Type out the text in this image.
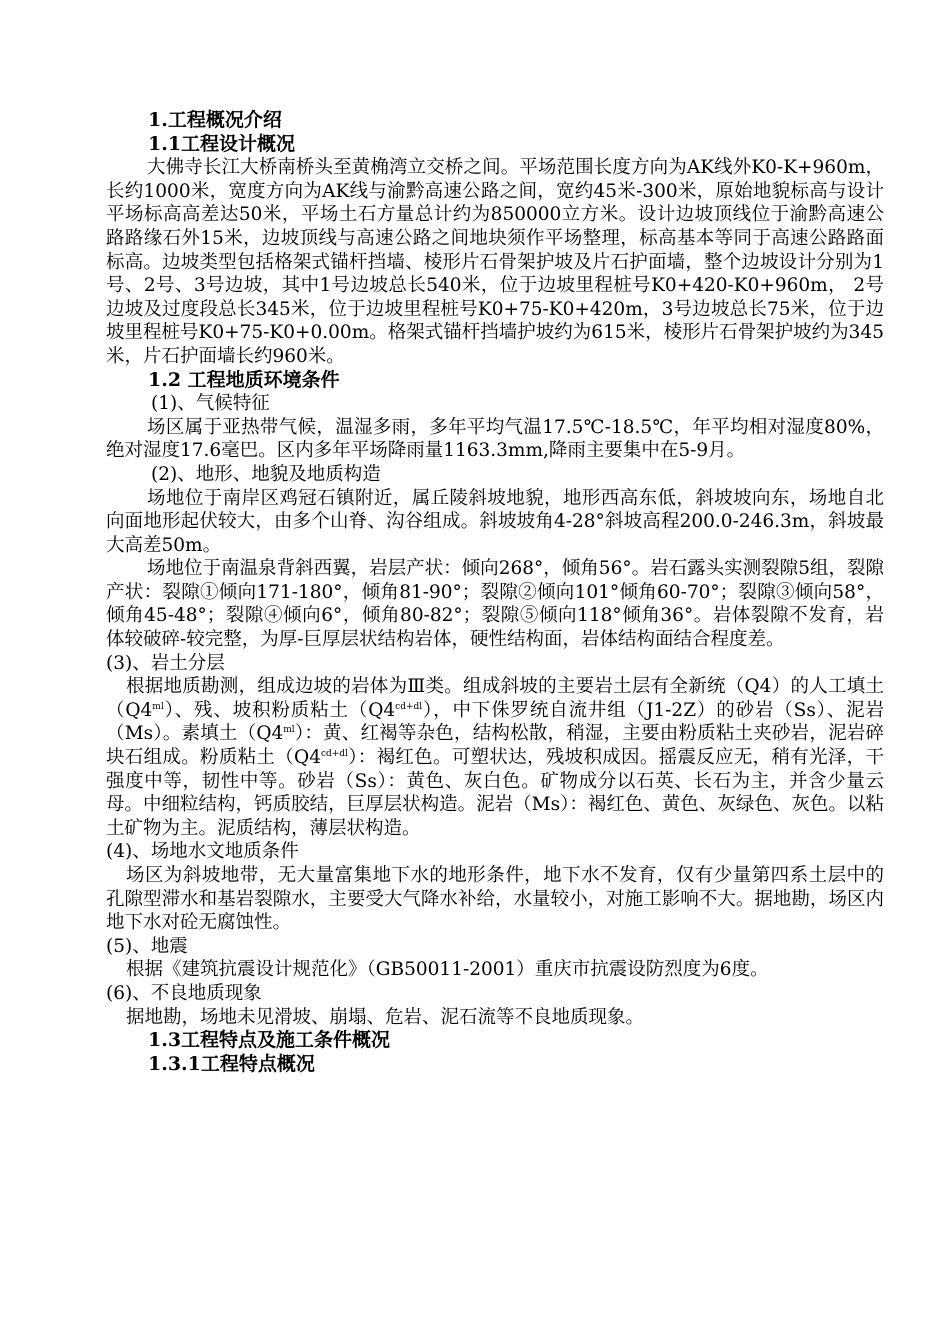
1.工程概况介绍
1.1工程设计概况

大佛寺长江大桥南桥头至黄桷湾立交桥之间。平场范围长度方向为AK线外K0-K+960m，长约1000米，宽度方向为AK线与渝黔高速公路之间，宽约45米-300米，原始地貌标高与设计平场标高高差达50米，平场土石方量总计约为850000立方米。设计边坡顶线位于渝黔高速公路路缘石外15米，边坡顶线与高速公路之间地块须作平场整理，标高基本等同于高速公路路面标高。边坡类型包括格架式锚杆挡墙、棱形片石骨架护坡及片石护面墙，整个边坡设计分别为1号、2号、3号边坡，其中1号边坡总长540米，位于边坡里程桩号K0+420-K0+960m， 2号边坡及过度段总长345米，位于边坡里程桩号K0+75-K0+420m，3号边坡总长75米，位于边坡里程桩号K0+75-K0+0.00m。格架式锚杆挡墙护坡约为615米，棱形片石骨架护坡约为345米，片石护面墙长约960米。

1.2 工程地质环境条件
(1)、气候特征

场区属于亚热带气候，温湿多雨，多年平均气温17.5℃-18.5℃，年平均相对湿度80%，绝对湿度17.6毫巴。区内多年平场降雨量1163.3mm,降雨主要集中在5-9月。

(2)、地形、地貌及地质构造

场地位于南岸区鸡冠石镇附近，属丘陵斜坡地貌，地形西高东低，斜坡坡向东，场地自北向面地形起伏较大，由多个山脊、沟谷组成。斜坡坡角4-28°斜坡高程200.0-246.3m，斜坡最大高差50m。

场地位于南温泉背斜西翼，岩层产状：倾向268°，倾角56°。岩石露头实测裂隙5组，裂隙产状：裂隙①倾向171-180°，倾角81-90°；裂隙②倾向101°倾角60-70°；裂隙③倾向58°，倾角45-48°；裂隙④倾向6°，倾角80-82°；裂隙⑤倾向118°倾角36°。岩体裂隙不发育，岩体较破碎-较完整，为厚-巨厚层状结构岩体，硬性结构面，岩体结构面结合程度差。

(3)、岩土分层

根据地质勘测，组成边坡的岩体为Ⅲ类。组成斜坡的主要岩土层有全新统（Q4）的人工填土$(Q4^{ml})$、残、坡积粉质粘土$(Q4^{cd+dl})$，中下侏罗统自流井组（J1-2Z）的砂岩（Ss）、泥岩（Ms）。素填土$(Q4^{ml})$：黄、红褐等杂色，结构松散，稍湿，主要由粉质粘土夹砂岩，泥岩碎块石组成。粉质粘土$(Q4^{cd+dl})$：褐红色。可塑状达，残坡积成因。摇震反应无，稍有光泽，干强度中等，韧性中等。砂岩（Ss）：黄色、灰白色。矿物成分以石英、长石为主，并含少量云母。中细粒结构，钙质胶结，巨厚层状构造。泥岩（Ms）：褐红色、黄色、灰绿色、灰色。以粘土矿物为主。泥质结构，薄层状构造。

(4)、场地水文地质条件

场区为斜坡地带，无大量富集地下水的地形条件，地下水不发育，仅有少量第四系土层中的孔隙型滞水和基岩裂隙水，主要受大气降水补给，水量较小，对施工影响不大。据地勘，场区内地下水对砼无腐蚀性。

(5)、地震

根据《建筑抗震设计规范化》（GB50011-2001）重庆市抗震设防烈度为6度。

(6)、不良地质现象

据地勘，场地未见滑坡、崩塌、危岩、泥石流等不良地质现象。

1.3工程特点及施工条件概况
1.3.1工程特点概况
